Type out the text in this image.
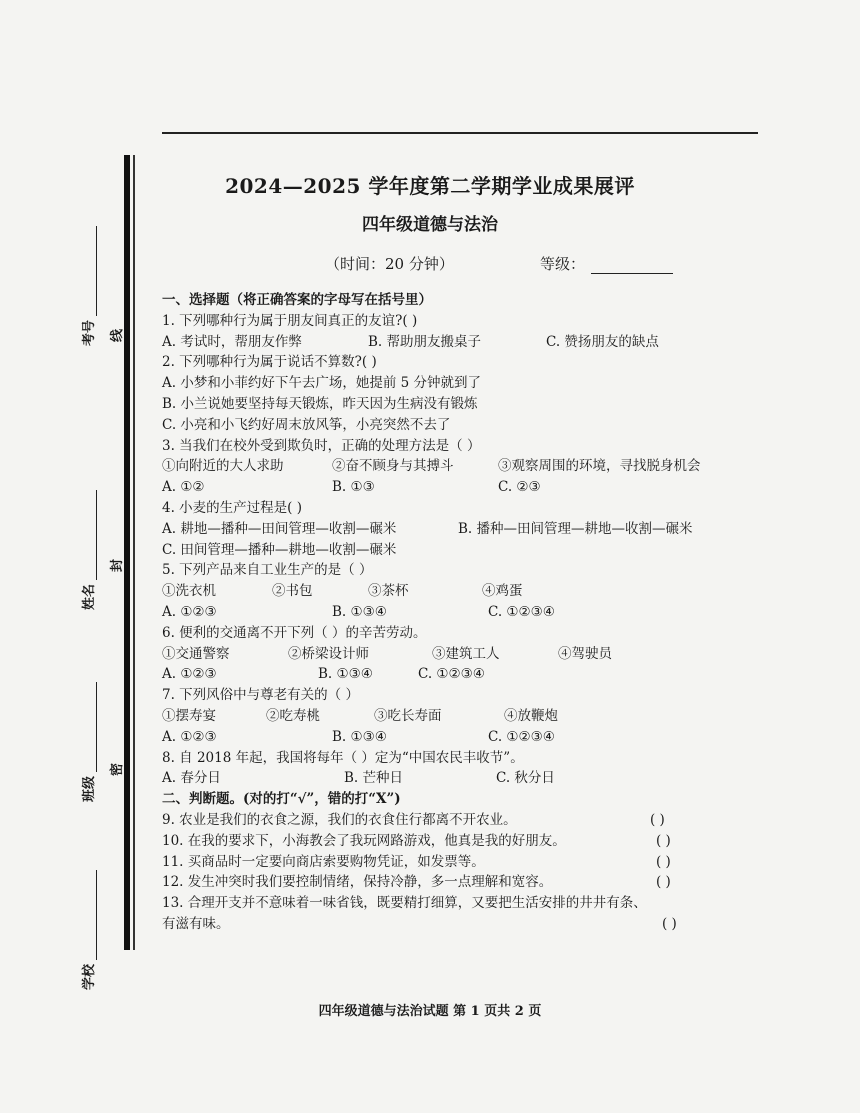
考号
姓名
班级
学校
线
封
密
2024—2025 学年度第二学期学业成果展评
四年级道德与法治
（时间：20 分钟）	等级：
一、选择题（将正确答案的字母写在括号里）
1. 下列哪种行为属于朋友间真正的友谊?( )
A. 考试时，帮朋友作弊	B. 帮助朋友搬桌子	C. 赞扬朋友的缺点
2. 下列哪种行为属于说话不算数?( )
A. 小梦和小菲约好下午去广场，她提前 5 分钟就到了
B. 小兰说她要坚持每天锻炼，昨天因为生病没有锻炼
C. 小亮和小飞约好周末放风筝，小亮突然不去了
3. 当我们在校外受到欺负时，正确的处理方法是（ ）
①向附近的大人求助	②奋不顾身与其搏斗	③观察周围的环境，寻找脱身机会
A. ①②	B. ①③	C. ②③
4. 小麦的生产过程是( )
A. 耕地—播种—田间管理—收割—碾米	B. 播种—田间管理—耕地—收割—碾米
C. 田间管理—播种—耕地—收割—碾米
5. 下列产品来自工业生产的是（ ）
①洗衣机	②书包	③茶杯	④鸡蛋
A. ①②③	B. ①③④	C. ①②③④
6. 便利的交通离不开下列（ ）的辛苦劳动。
①交通警察	②桥梁设计师	③建筑工人	④驾驶员
A. ①②③	B. ①③④	C. ①②③④
7. 下列风俗中与尊老有关的（ ）
①摆寿宴	②吃寿桃	③吃长寿面	④放鞭炮
A. ①②③	B. ①③④	C. ①②③④
8. 自 2018 年起，我国将每年（ ）定为“中国农民丰收节”。
A. 春分日	B. 芒种日	C. 秋分日
二、判断题。(对的打“√”，错的打“X”)
9. 农业是我们的衣食之源，我们的衣食住行都离不开农业。	( )
10. 在我的要求下，小海教会了我玩网路游戏，他真是我的好朋友。	( )
11. 买商品时一定要向商店索要购物凭证，如发票等。	( )
12. 发生冲突时我们要控制情绪，保持冷静，多一点理解和宽容。	( )
13. 合理开支并不意味着一味省钱，既要精打细算，又要把生活安排的井井有条、
有滋有味。	( )
四年级道德与法治试题 第 1 页共 2 页
